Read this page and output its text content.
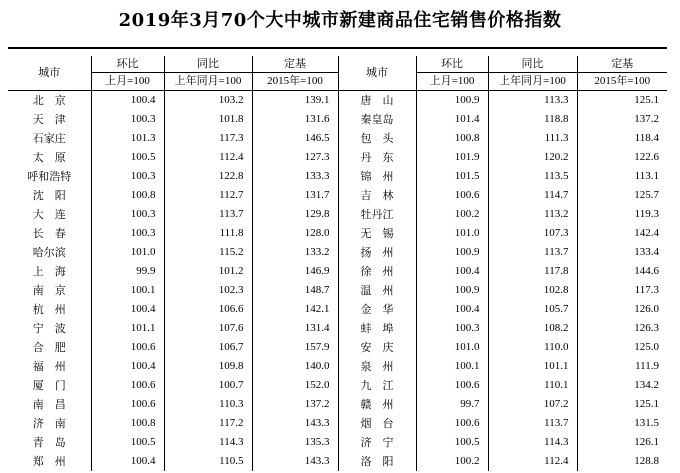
2019年3月70个大中城市新建商品住宅销售价格指数
城市	环比	同比	定基	城市	环比	同比	定基
	上月=100	上年同月=100	2015年=100		上月=100	上年同月=100	2015年=100
北　京	100.4	103.2	139.1	唐　山	100.9	113.3	125.1
天　津	100.3	101.8	131.6	秦皇岛	101.4	118.8	137.2
石家庄	101.3	117.3	146.5	包　头	100.8	111.3	118.4
太　原	100.5	112.4	127.3	丹　东	101.9	120.2	122.6
呼和浩特	100.3	122.8	133.3	锦　州	101.5	113.5	113.1
沈　阳	100.8	112.7	131.7	吉　林	100.6	114.7	125.7
大　连	100.3	113.7	129.8	牡丹江	100.2	113.2	119.3
长　春	100.3	111.8	128.0	无　锡	101.0	107.3	142.4
哈尔滨	101.0	115.2	133.2	扬　州	100.9	113.7	133.4
上　海	99.9	101.2	146.9	徐　州	100.4	117.8	144.6
南　京	100.1	102.3	148.7	温　州	100.9	102.8	117.3
杭　州	100.4	106.6	142.1	金　华	100.4	105.7	126.0
宁　波	101.1	107.6	131.4	蚌　埠	100.3	108.2	126.3
合　肥	100.6	106.7	157.9	安　庆	101.0	110.0	125.0
福　州	100.4	109.8	140.0	泉　州	100.1	101.1	111.9
厦　门	100.6	100.7	152.0	九　江	100.6	110.1	134.2
南　昌	100.6	110.3	137.2	赣　州	99.7	107.2	125.1
济　南	100.8	117.2	143.3	烟　台	100.6	113.7	131.5
青　岛	100.5	114.3	135.3	济　宁	100.5	114.3	126.1
郑　州	100.4	110.5	143.3	洛　阳	100.2	112.4	128.8
